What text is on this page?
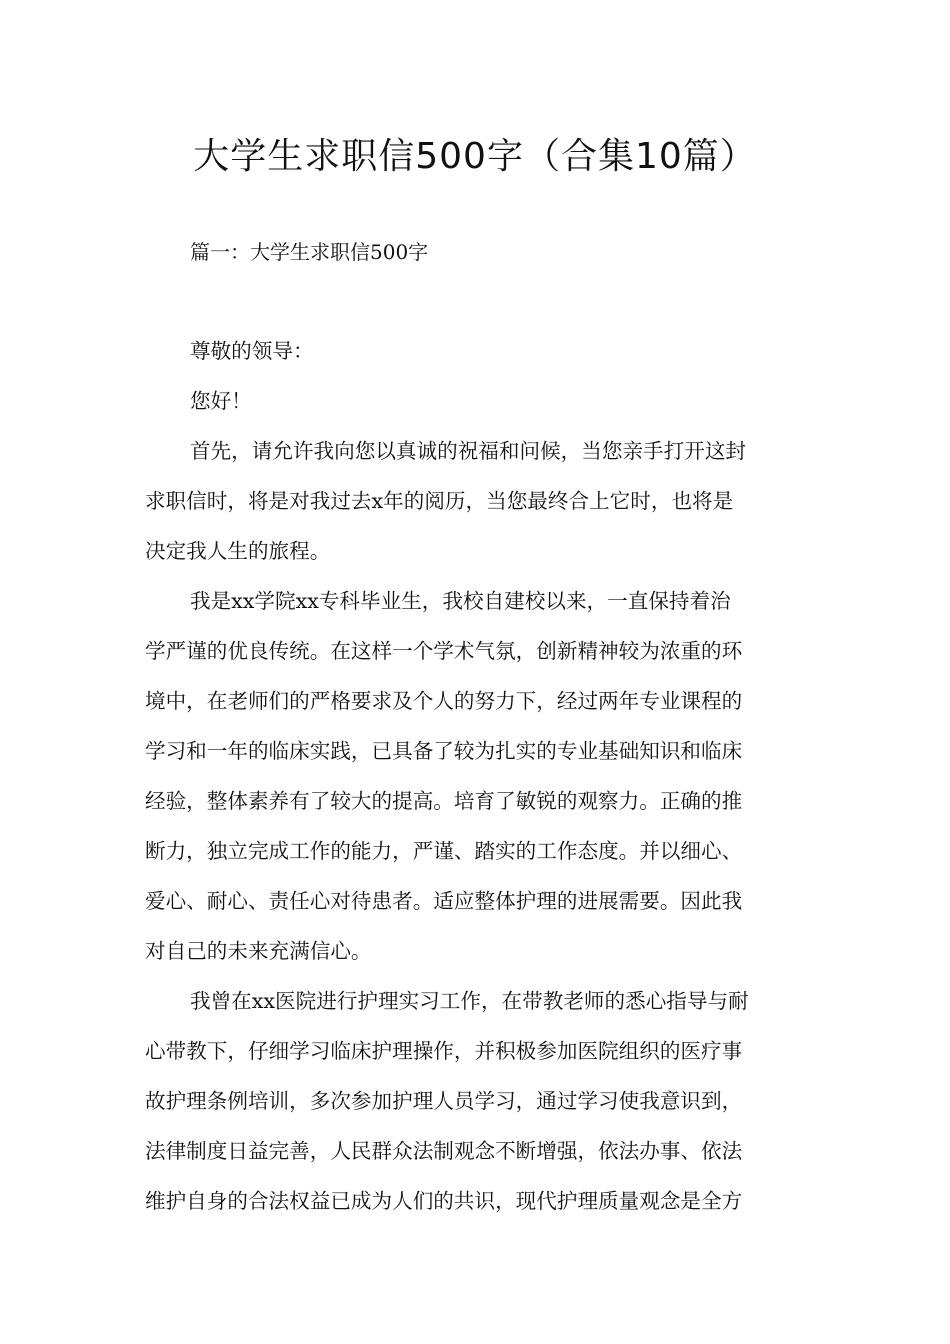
大学生求职信500字（合集10篇）
篇一：大学生求职信500字
尊敬的领导：
您好！
首先，请允许我向您以真诚的祝福和问候，当您亲手打开这封
求职信时，将是对我过去x年的阅历，当您最终合上它时，也将是
决定我人生的旅程。
我是xx学院xx专科毕业生，我校自建校以来，一直保持着治
学严谨的优良传统。在这样一个学术气氛，创新精神较为浓重的环
境中，在老师们的严格要求及个人的努力下，经过两年专业课程的
学习和一年的临床实践，已具备了较为扎实的专业基础知识和临床
经验，整体素养有了较大的提高。培育了敏锐的观察力。正确的推
断力，独立完成工作的能力，严谨、踏实的工作态度。并以细心、
爱心、耐心、责任心对待患者。适应整体护理的进展需要。因此我
对自己的未来充满信心。
我曾在xx医院进行护理实习工作，在带教老师的悉心指导与耐
心带教下，仔细学习临床护理操作，并积极参加医院组织的医疗事
故护理条例培训，多次参加护理人员学习，通过学习使我意识到，
法律制度日益完善，人民群众法制观念不断增强，依法办事、依法
维护自身的合法权益已成为人们的共识，现代护理质量观念是全方
